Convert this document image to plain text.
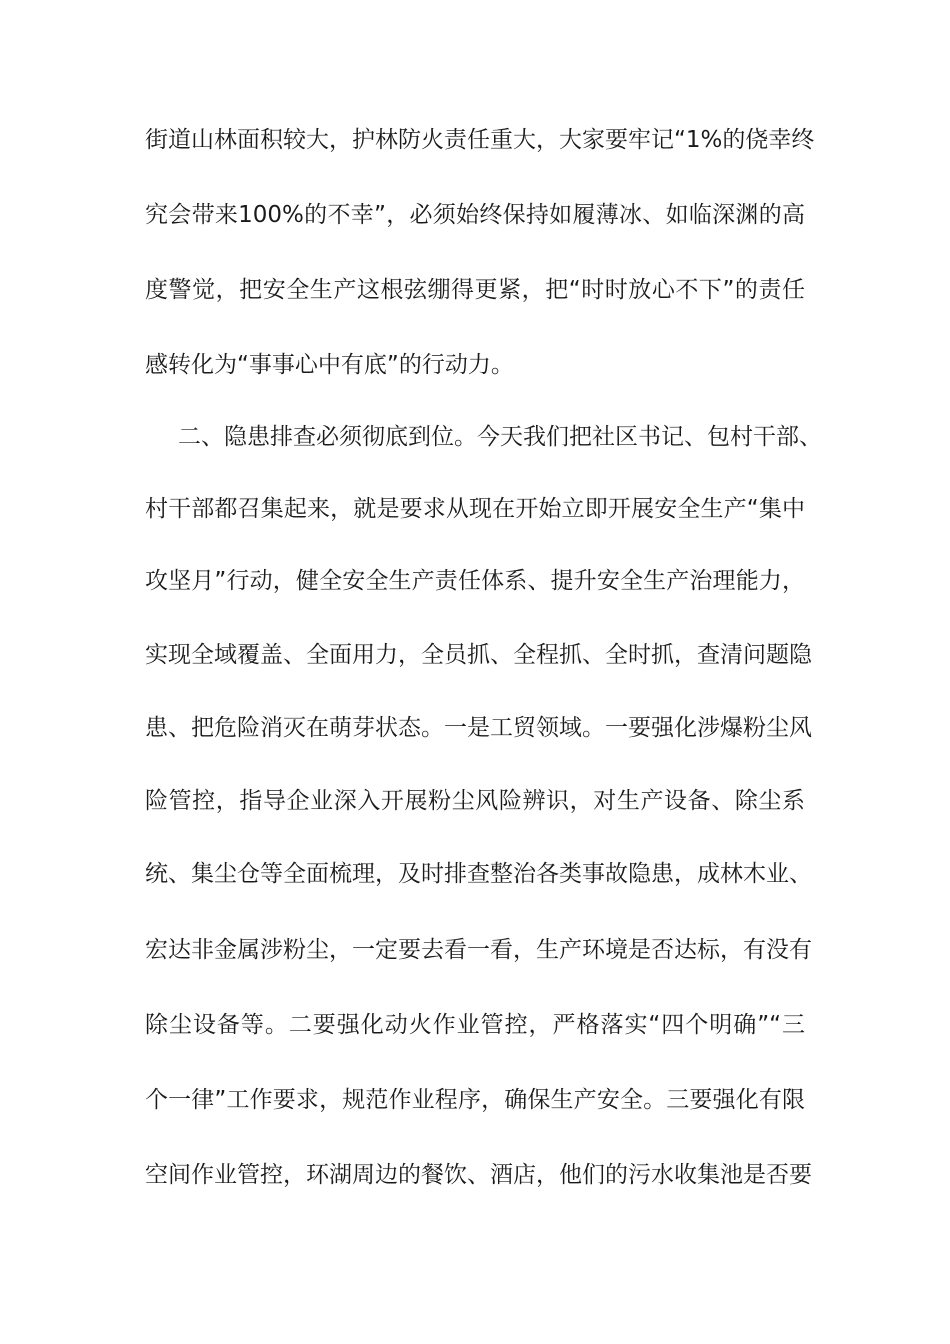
街道山林面积较大，护林防火责任重大，大家要牢记“1%的侥幸终
究会带来100%的不幸”，必须始终保持如履薄冰、如临深渊的高
度警觉，把安全生产这根弦绷得更紧，把“时时放心不下”的责任
感转化为“事事心中有底”的行动力。
二、隐患排查必须彻底到位。今天我们把社区书记、包村干部、
村干部都召集起来，就是要求从现在开始立即开展安全生产“集中
攻坚月”行动，健全安全生产责任体系、提升安全生产治理能力，
实现全域覆盖、全面用力，全员抓、全程抓、全时抓，查清问题隐
患、把危险消灭在萌芽状态。一是工贸领域。一要强化涉爆粉尘风
险管控，指导企业深入开展粉尘风险辨识，对生产设备、除尘系
统、集尘仓等全面梳理，及时排查整治各类事故隐患，成林木业、
宏达非金属涉粉尘，一定要去看一看，生产环境是否达标，有没有
除尘设备等。二要强化动火作业管控，严格落实“四个明确”“三
个一律”工作要求，规范作业程序，确保生产安全。三要强化有限
空间作业管控，环湖周边的餐饮、酒店，他们的污水收集池是否要
